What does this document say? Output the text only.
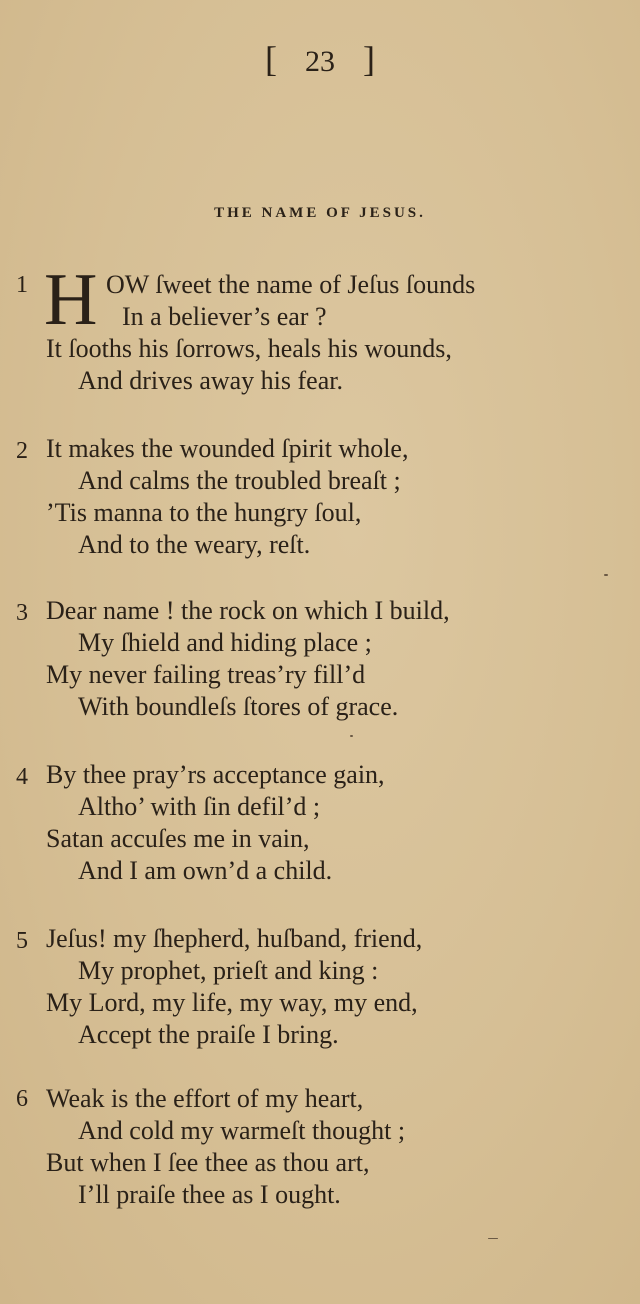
[ 23 ]
THE NAME OF JESUS.
1 H OW ſweet the name of Jeſus ſounds
In a believer’s ear ?
It ſooths his ſorrows, heals his wounds,
And drives away his fear.
2 It makes the wounded ſpirit whole,
And calms the troubled breaſt ;
’Tis manna to the hungry ſoul,
And to the weary, reſt.
3 Dear name ! the rock on which I build,
My ſhield and hiding place ;
My never failing treas’ry fill’d
With boundleſs ſtores of grace.
4 By thee pray’rs acceptance gain,
Altho’ with ſin defil’d ;
Satan accuſes me in vain,
And I am own’d a child.
5 Jeſus! my ſhepherd, huſband, friend,
My prophet, prieſt and king :
My Lord, my life, my way, my end,
Accept the praiſe I bring.
6 Weak is the effort of my heart,
And cold my warmeſt thought ;
But when I ſee thee as thou art,
I’ll praiſe thee as I ought.
